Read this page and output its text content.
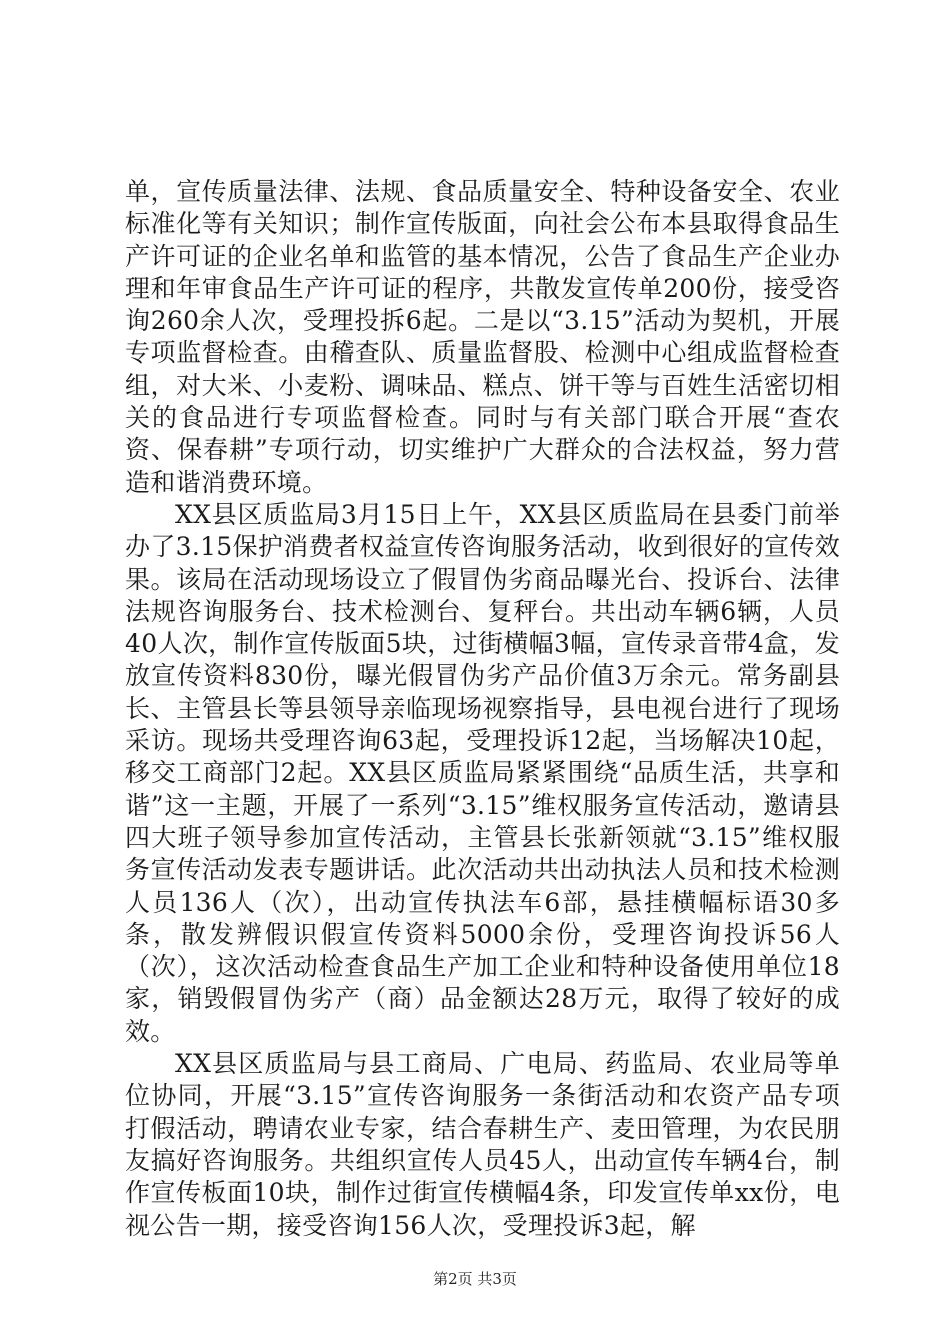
单，宣传质量法律、法规、食品质量安全、特种设备安全、农业标准化等有关知识；制作宣传版面，向社会公布本县取得食品生产许可证的企业名单和监管的基本情况，公告了食品生产企业办理和年审食品生产许可证的程序，共散发宣传单200份，接受咨询260余人次，受理投拆6起。二是以“3.15”活动为契机，开展专项监督检查。由稽查队、质量监督股、检测中心组成监督检查组，对大米、小麦粉、调味品、糕点、饼干等与百姓生活密切相关的食品进行专项监督检查。同时与有关部门联合开展“查农资、保春耕”专项行动，切实维护广大群众的合法权益，努力营造和谐消费环境。

XX县区质监局3月15日上午，XX县区质监局在县委门前举办了3.15保护消费者权益宣传咨询服务活动，收到很好的宣传效果。该局在活动现场设立了假冒伪劣商品曝光台、投诉台、法律法规咨询服务台、技术检测台、复秤台。共出动车辆6辆，人员40人次，制作宣传版面5块，过街横幅3幅，宣传录音带4盒，发放宣传资料830份，曝光假冒伪劣产品价值3万余元。常务副县长、主管县长等县领导亲临现场视察指导，县电视台进行了现场采访。现场共受理咨询63起，受理投诉12起，当场解决10起，移交工商部门2起。XX县区质监局紧紧围绕“品质生活，共享和谐”这一主题，开展了一系列“3.15”维权服务宣传活动，邀请县四大班子领导参加宣传活动，主管县长张新领就“3.15”维权服务宣传活动发表专题讲话。此次活动共出动执法人员和技术检测人员136人（次），出动宣传执法车6部，悬挂横幅标语30多条，散发辨假识假宣传资料5000余份，受理咨询投诉56人（次），这次活动检查食品生产加工企业和特种设备使用单位18家，销毁假冒伪劣产（商）品金额达28万元，取得了较好的成效。

XX县区质监局与县工商局、广电局、药监局、农业局等单位协同，开展“3.15”宣传咨询服务一条街活动和农资产品专项打假活动，聘请农业专家，结合春耕生产、麦田管理，为农民朋友搞好咨询服务。共组织宣传人员45人，出动宣传车辆4台，制作宣传板面10块，制作过街宣传横幅4条，印发宣传单xx份，电视公告一期，接受咨询156人次，受理投诉3起，解

第2页 共3页
